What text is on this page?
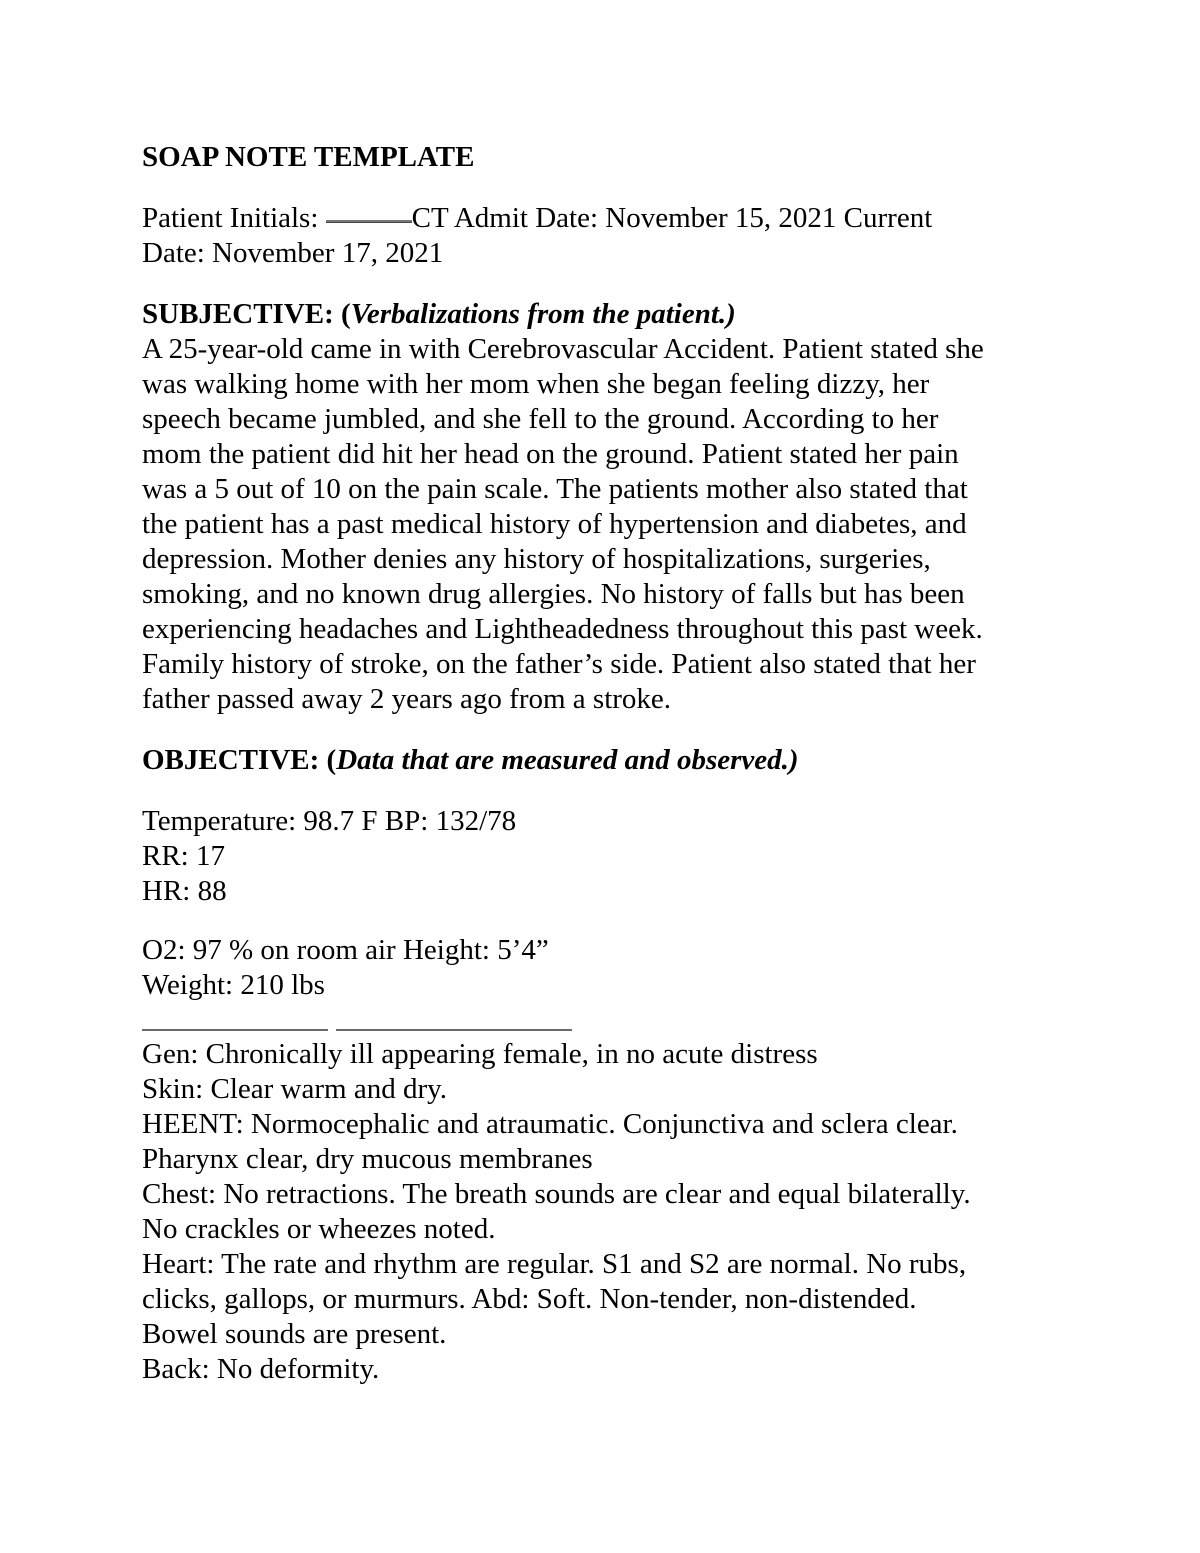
SOAP NOTE TEMPLATE

Patient Initials:	CT Admit Date: November 15, 2021 Current

Date: November 17, 2021

SUBJECTIVE: (Verbalizations from the patient.)

A 25-year-old came in with Cerebrovascular Accident. Patient stated she

was walking home with her mom when she began feeling dizzy, her

speech became jumbled, and she fell to the ground. According to her

mom the patient did hit her head on the ground. Patient stated her pain

was a 5 out of 10 on the pain scale. The patients mother also stated that

the patient has a past medical history of hypertension and diabetes, and

depression. Mother denies any history of hospitalizations, surgeries,

smoking, and no known drug allergies. No history of falls but has been

experiencing headaches and Lightheadedness throughout this past week.

Family history of stroke, on the father’s side. Patient also stated that her

father passed away 2 years ago from a stroke.

OBJECTIVE: (Data that are measured and observed.)

Temperature: 98.7 F BP: 132/78

RR: 17

HR: 88

O2: 97 % on room air Height: 5’4”

Weight: 210 lbs

Gen: Chronically ill appearing female, in no acute distress

Skin: Clear warm and dry.

HEENT: Normocephalic and atraumatic. Conjunctiva and sclera clear.

Pharynx clear, dry mucous membranes

Chest: No retractions. The breath sounds are clear and equal bilaterally.

No crackles or wheezes noted.

Heart: The rate and rhythm are regular. S1 and S2 are normal. No rubs,

clicks, gallops, or murmurs. Abd: Soft. Non-tender, non-distended.

Bowel sounds are present.

Back: No deformity.
